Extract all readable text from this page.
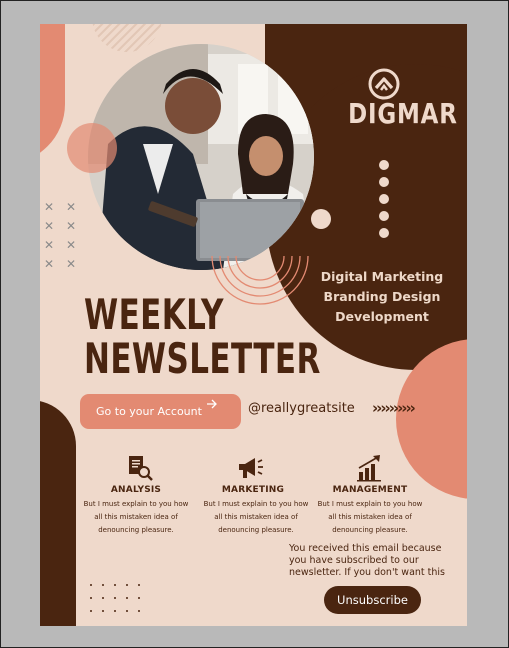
✕ ✕
✕ ✕
✕ ✕
✕ ✕
DIGMAR
Digital Marketing
Branding Design
Development
WEEKLY
NEWSLETTER
Go to your Account	@reallygreatsite ››››››››››
ANALYSIS
But I must explain to you how all this mistaken idea of denouncing pleasure.
MARKETING
But I must explain to you how all this mistaken idea of denouncing pleasure.
MANAGEMENT
But I must explain to you how all this mistaken idea of denouncing pleasure.
You received this email because you have subscribed to our newsletter. If you don't want this
Unsubscribe
